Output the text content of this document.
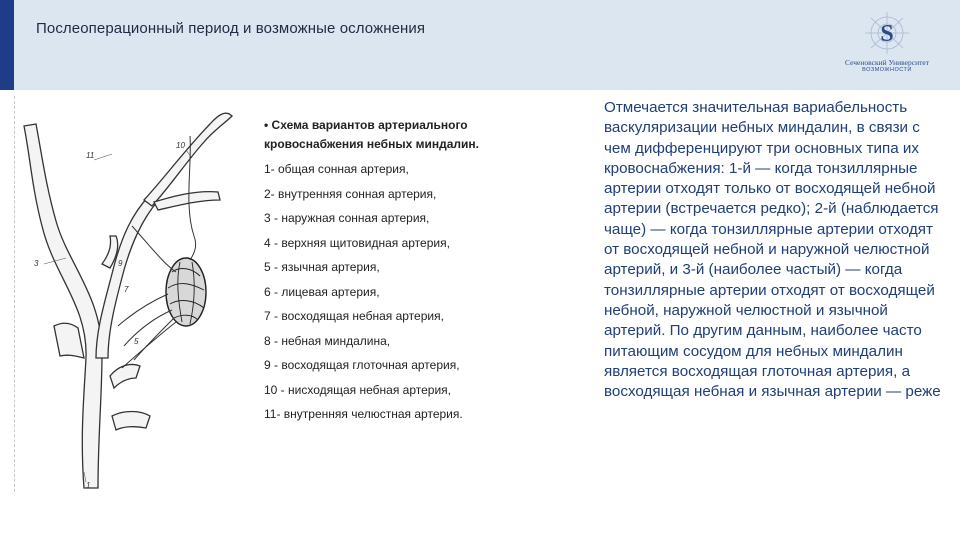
Послеоперационный период и возможные осложнения	S
Сеченовский Университет
ВОЗМОЖНОСТИ
11
10
3	9
7
5
1
• Схема вариантов артериального кровоснабжения небных миндалин.
1- общая сонная артерия,
2- внутренняя сонная артерия,
3 - наружная сонная артерия,
4 - верхняя щитовидная артерия,
5 - язычная артерия,
6 - лицевая артерия,
7 - восходящая небная артерия,
8 - небная миндалина,
9 - восходящая глоточная артерия,
10 - нисходящая небная артерия,
11- внутренняя челюстная артерия.
Отмечается значительная вариабельность васкуляризации небных миндалин, в связи с чем дифференцируют три основных типа их кровоснабжения: 1-й — когда тонзиллярные артерии отходят только от восходящей небной артерии (встречается редко); 2-й (наблюдается чаще) — когда тонзиллярные артерии отходят от восходящей небной и наружной челюстной артерий, и 3-й (наиболее частый) — когда тонзиллярные артерии отходят от восходящей небной, наружной челюстной и язычной артерий. По другим данным, наиболее часто питающим сосудом для небных миндалин является восходящая глоточная артерия, а восходящая небная и язычная артерии — реже
